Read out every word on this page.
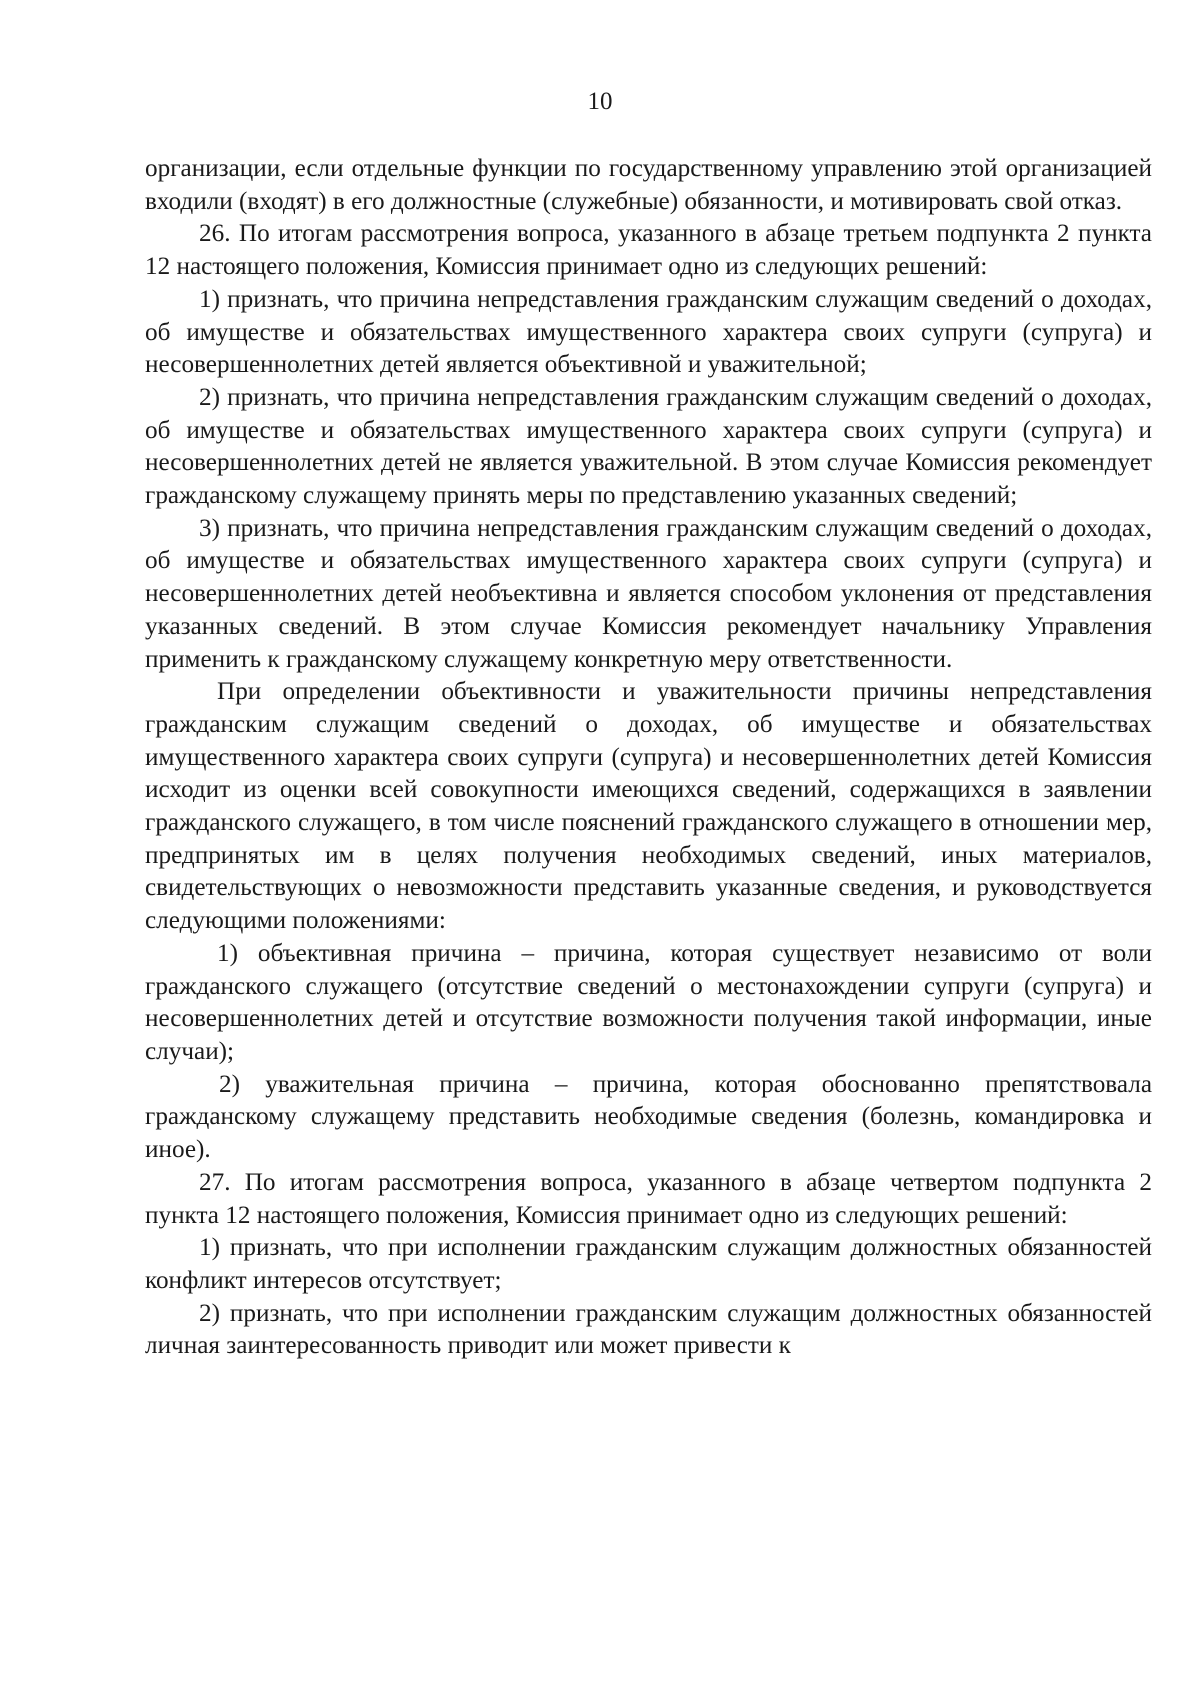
10

организации, если отдельные функции по государственному управлению этой организацией входили (входят) в его должностные (служебные) обязанности, и мотивировать свой отказ.

26. По итогам рассмотрения вопроса, указанного в абзаце третьем подпункта 2 пункта 12 настоящего положения, Комиссия принимает одно из следующих решений:

1) признать, что причина непредставления гражданским служащим сведений о доходах, об имуществе и обязательствах имущественного характера своих супруги (супруга) и несовершеннолетних детей является объективной и уважительной;

2) признать, что причина непредставления гражданским служащим сведений о доходах, об имуществе и обязательствах имущественного характера своих супруги (супруга) и несовершеннолетних детей не является уважительной. В этом случае Комиссия рекомендует гражданскому служащему принять меры по представлению указанных сведений;

3) признать, что причина непредставления гражданским служащим сведений о доходах, об имуществе и обязательствах имущественного характера своих супруги (супруга) и несовершеннолетних детей необъективна и является способом уклонения от представления указанных сведений. В этом случае Комиссия рекомендует начальнику Управления применить к гражданскому служащему конкретную меру ответственности.

При определении объективности и уважительности причины непредставления гражданским служащим сведений о доходах, об имуществе и обязательствах имущественного характера своих супруги (супруга) и несовершеннолетних детей Комиссия исходит из оценки всей совокупности имеющихся сведений, содержащихся в заявлении гражданского служащего, в том числе пояснений гражданского служащего в отношении мер, предпринятых им в целях получения необходимых сведений, иных материалов, свидетельствующих о невозможности представить указанные сведения, и руководствуется следующими положениями:

1) объективная причина – причина, которая существует независимо от воли гражданского служащего (отсутствие сведений о местонахождении супруги (супруга) и несовершеннолетних детей и отсутствие возможности получения такой информации, иные случаи);

2) уважительная причина – причина, которая обоснованно препятствовала гражданскому служащему представить необходимые сведения (болезнь, командировка и иное).

27. По итогам рассмотрения вопроса, указанного в абзаце четвертом подпункта 2 пункта 12 настоящего положения, Комиссия принимает одно из следующих решений:

1) признать, что при исполнении гражданским служащим должностных обязанностей конфликт интересов отсутствует;

2) признать, что при исполнении гражданским служащим должностных обязанностей личная заинтересованность приводит или может привести к
